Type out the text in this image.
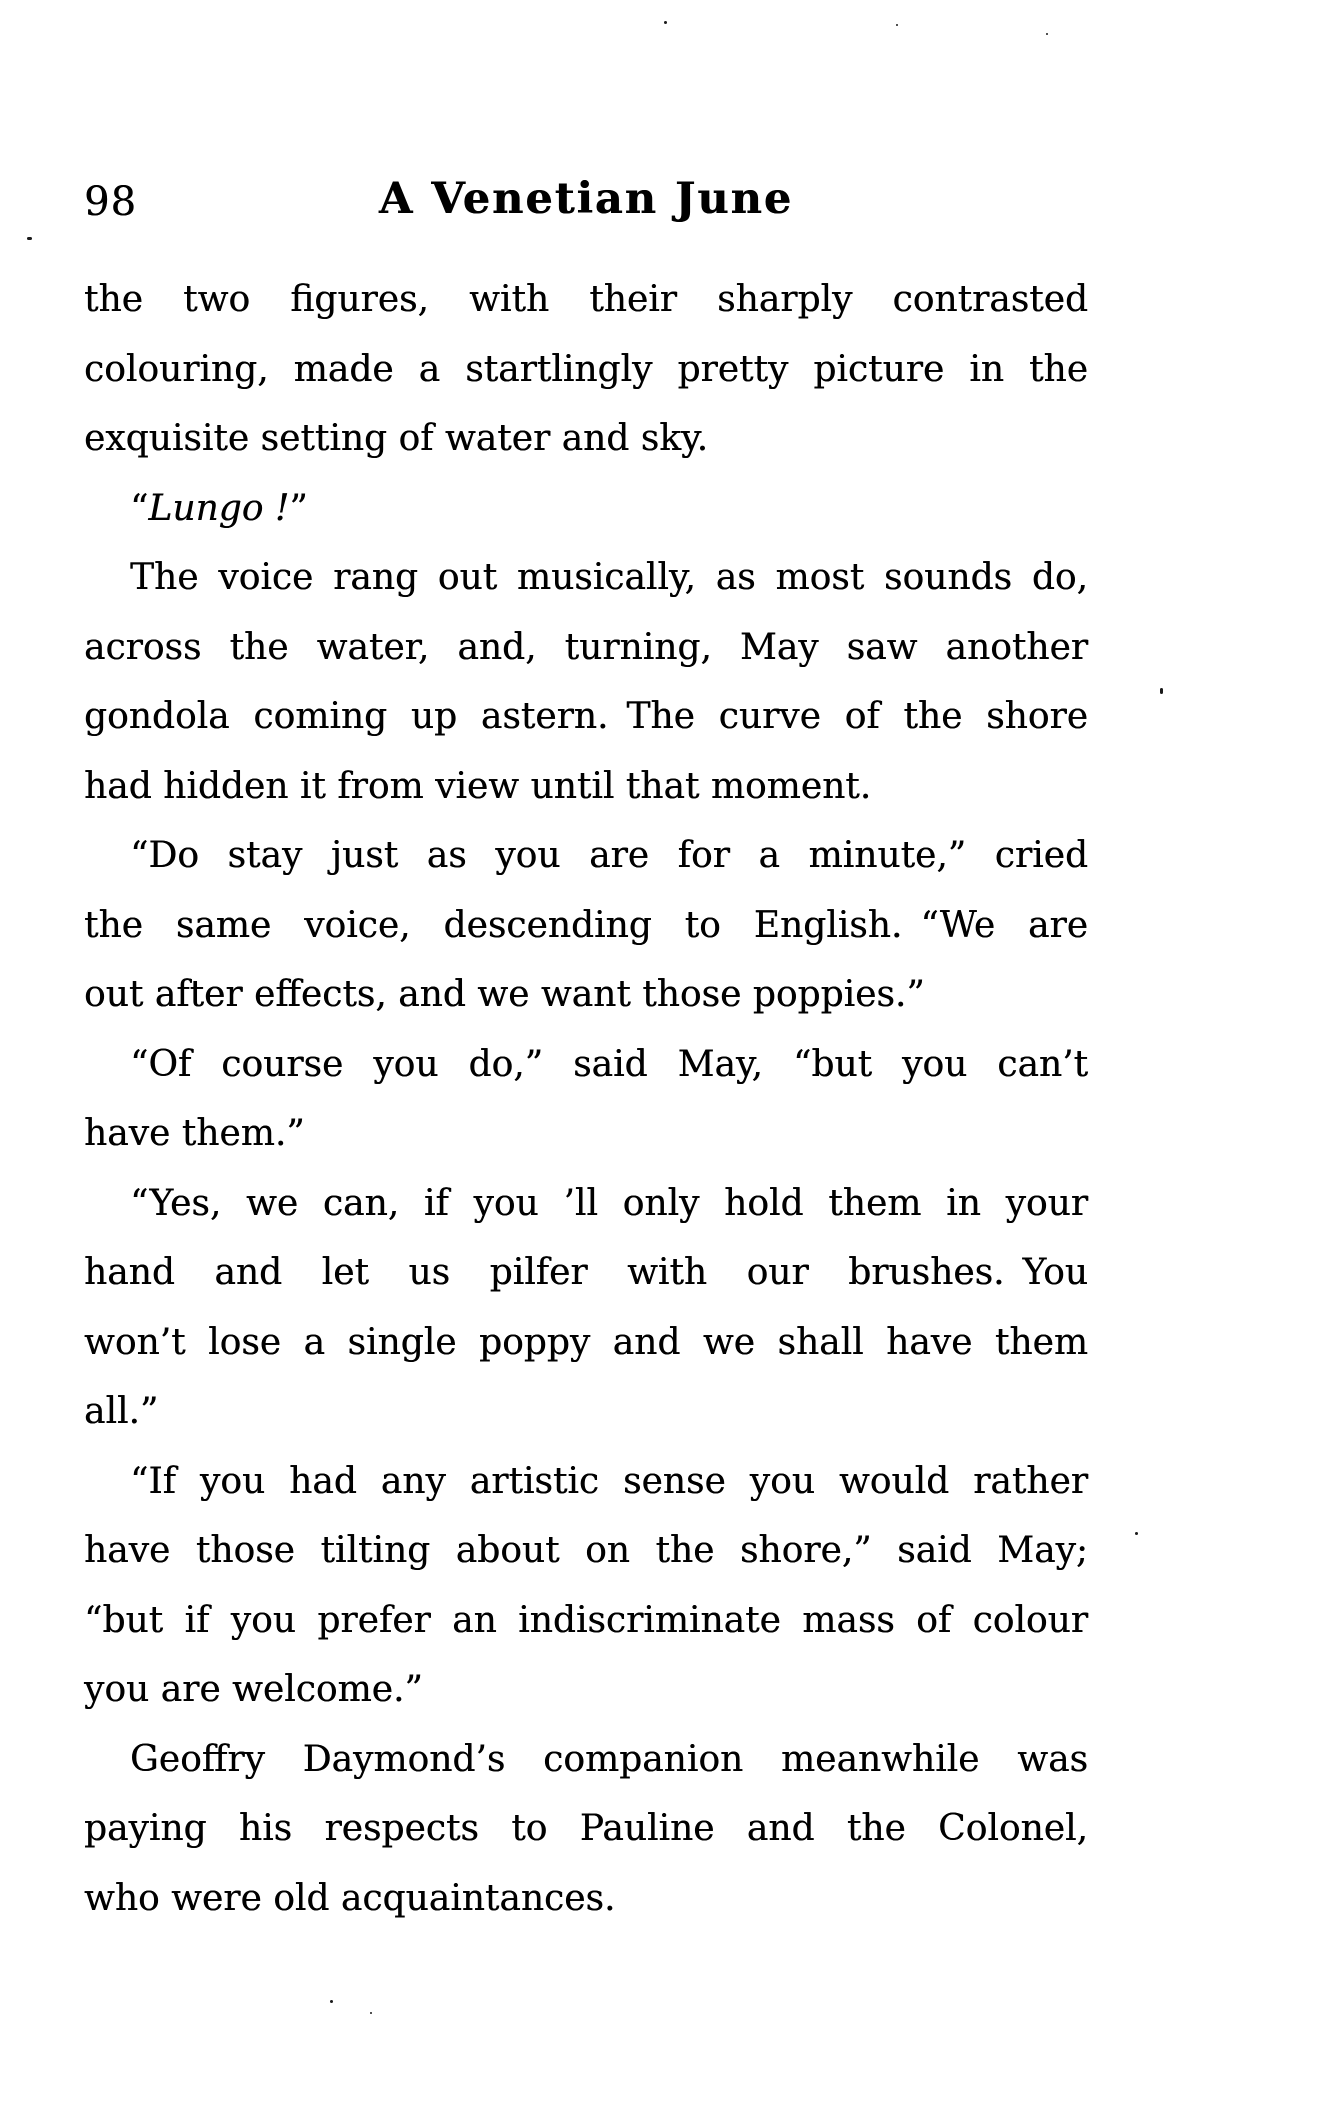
98	A Venetian June
the two figures, with their sharply contrasted
colouring, made a startlingly pretty picture in the
exquisite setting of water and sky.
“Lungo !”
The voice rang out musically, as most sounds do,
across the water, and, turning, May saw another
gondola coming up astern. The curve of the shore
had hidden it from view until that moment.
“Do stay just as you are for a minute,” cried
the same voice, descending to English. “We are
out after effects, and we want those poppies.”
“Of course you do,” said May, “but you can’t
have them.”
“Yes, we can, if you ’ll only hold them in your
hand and let us pilfer with our brushes. You
won’t lose a single poppy and we shall have them
all.”
“If you had any artistic sense you would rather
have those tilting about on the shore,” said May;
“but if you prefer an indiscriminate mass of colour
you are welcome.”
Geoffry Daymond’s companion meanwhile was
paying his respects to Pauline and the Colonel,
who were old acquaintances.
